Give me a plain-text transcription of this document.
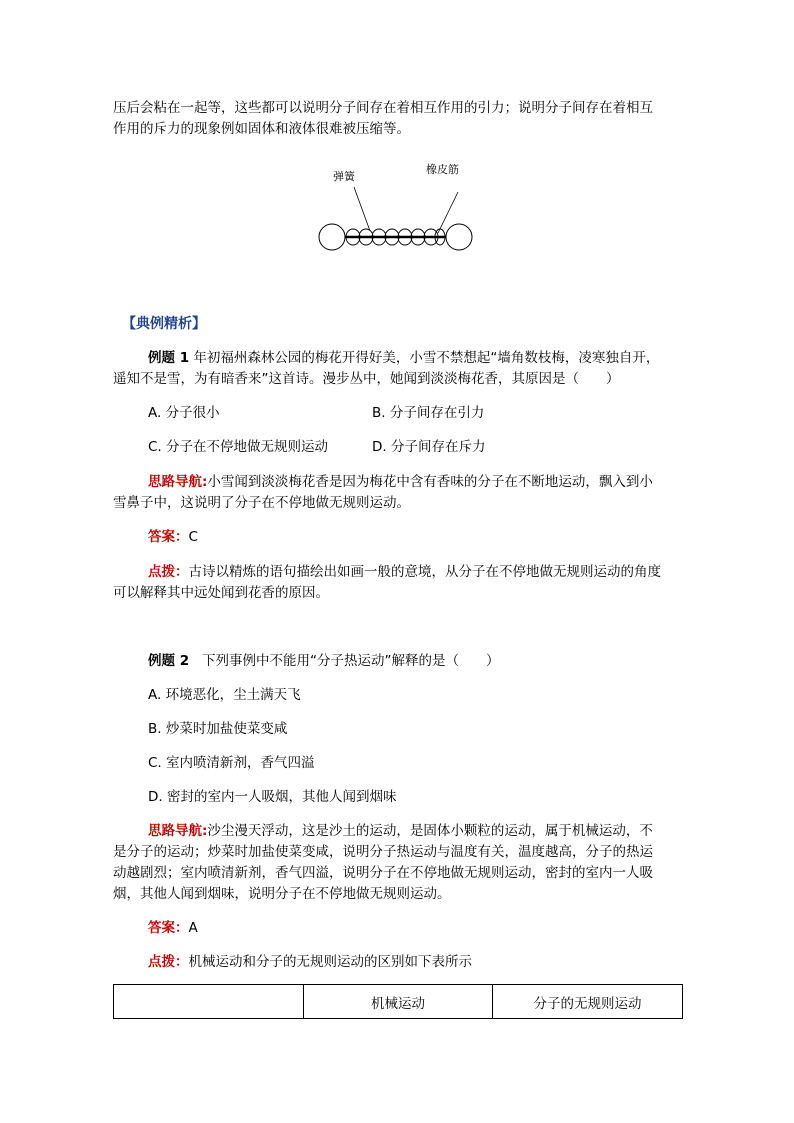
压后会粘在一起等，这些都可以说明分子间存在着相互作用的引力；说明分子间存在着相互
作用的斥力的现象例如固体和液体很难被压缩等。
弹簧
橡皮筋
【典例精析】
例题 1 年初福州森林公园的梅花开得好美，小雪不禁想起“墙角数枝梅，凌寒独自开，
遥知不是雪，为有暗香来”这首诗。漫步丛中，她闻到淡淡梅花香，其原因是（　　）
A. 分子很小	B. 分子间存在引力
C. 分子在不停地做无规则运动	D. 分子间存在斥力
思路导航:小雪闻到淡淡梅花香是因为梅花中含有香味的分子在不断地运动，飘入到小
雪鼻子中，这说明了分子在不停地做无规则运动。
答案：C
点拨：古诗以精炼的语句描绘出如画一般的意境，从分子在不停地做无规则运动的角度
可以解释其中远处闻到花香的原因。
例题 2 下列事例中不能用“分子热运动”解释的是（　　）
A. 环境恶化，尘土满天飞
B. 炒菜时加盐使菜变咸
C. 室内喷清新剂，香气四溢
D. 密封的室内一人吸烟，其他人闻到烟味
思路导航:沙尘漫天浮动，这是沙土的运动，是固体小颗粒的运动，属于机械运动，不
是分子的运动；炒菜时加盐使菜变咸，说明分子热运动与温度有关，温度越高，分子的热运
动越剧烈；室内喷清新剂，香气四溢，说明分子在不停地做无规则运动，密封的室内一人吸
烟，其他人闻到烟味，说明分子在不停地做无规则运动。
答案：A
点拨：机械运动和分子的无规则运动的区别如下表所示
	机械运动	分子的无规则运动
